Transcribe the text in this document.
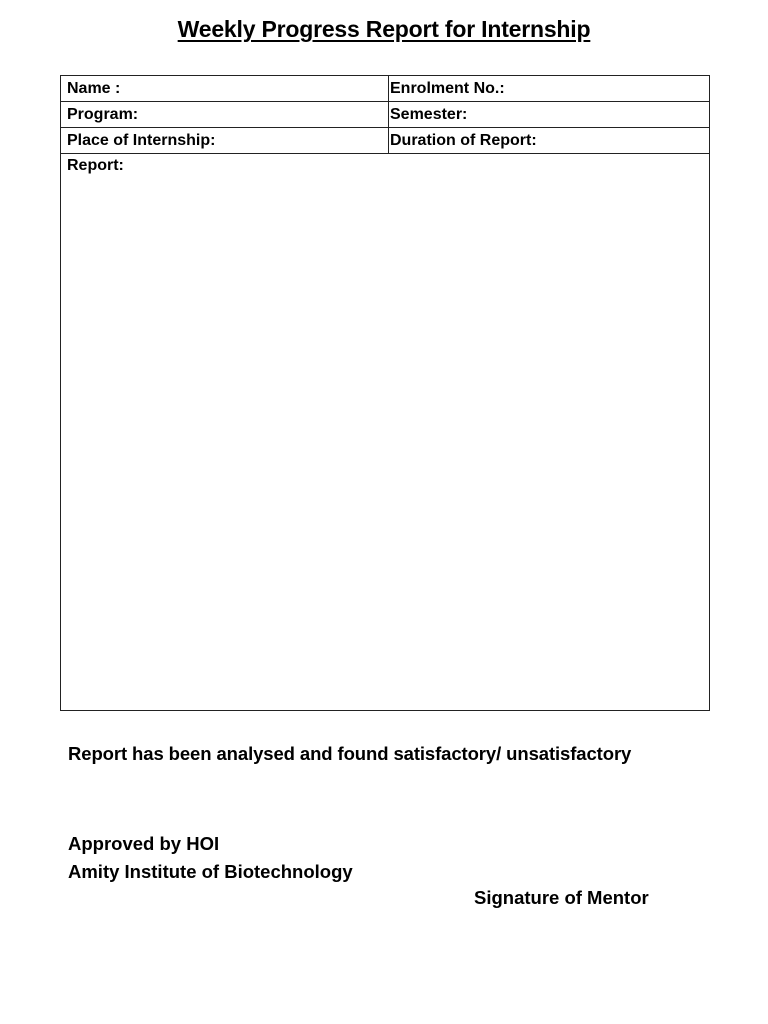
Weekly Progress Report for Internship
Name :	Enrolment No.:
Program:	Semester:
Place of Internship:	Duration of Report:
Report:	
Report has been analysed and found satisfactory/ unsatisfactory
Approved by HOI
Amity Institute of Biotechnology
Signature of Mentor
